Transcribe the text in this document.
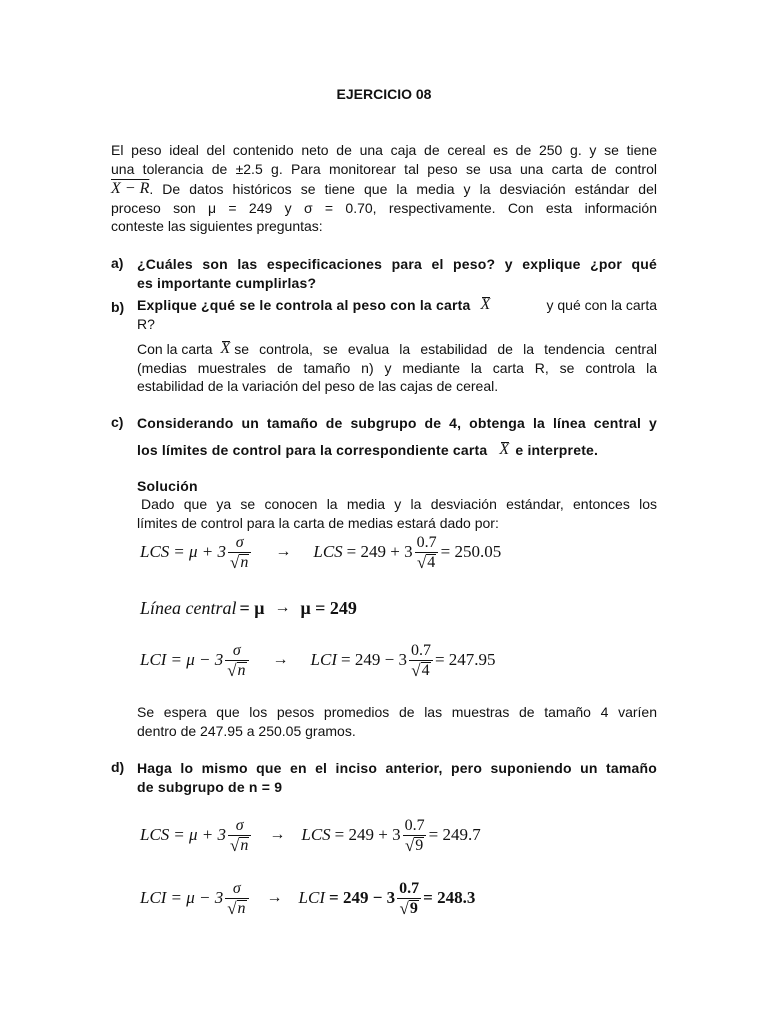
EJERCICIO 08
El peso ideal del contenido neto de una caja de cereal es de 250 g. y se tiene
una tolerancia de ±2.5 g. Para monitorear tal peso se usa una carta de control
X − R . De datos históricos se tiene que la media y la desviación estándar del
proceso son μ = 249 y σ = 0.70, respectivamente. Con esta información
conteste las siguientes preguntas:
a) ¿Cuáles son las especificaciones para el peso? y explique ¿por qué
es importante cumplirlas?
b) Explique ¿qué se le controla al peso con la carta X	y qué con la carta
R?
Con la carta X se controla, se evalua la estabilidad de la tendencia central
(medias muestrales de tamaño n) y mediante la carta R, se controla la
estabilidad de la variación del peso de las cajas de cereal.
c) Considerando un tamaño de subgrupo de 4, obtenga la línea central y
los límites de control para la correspondiente carta X e interprete.
Solución
Dado que ya se conocen la media y la desviación estándar, entonces los
límites de control para la carta de medias estará dado por:
LCS = $\mu + 3 \frac{\sigma}{√ n}$ → LCS = $249 + 3 \frac{0.7}{√ 4} = 250.05$
Línea central = μ → μ = 249
LCI = $\mu - 3 \frac{\sigma}{√ n}$ → LCI = $249 - 3 \frac{0.7}{√ 4} = 247.95$
Se espera que los pesos promedios de las muestras de tamaño 4 varíen
dentro de 247.95 a 250.05 gramos.
d) Haga lo mismo que en el inciso anterior, pero suponiendo un tamaño
de subgrupo de n = 9
LCS = $\mu + 3 \frac{\sigma}{√ n}$ → LCS = $249 + 3 \frac{0.7}{√ 9} = 249.7$
LCI = $\mu - 3 \frac{\sigma}{√ n}$ → LCI = $249 - 3 \frac{0.7}{√ 9} = 248.3$
